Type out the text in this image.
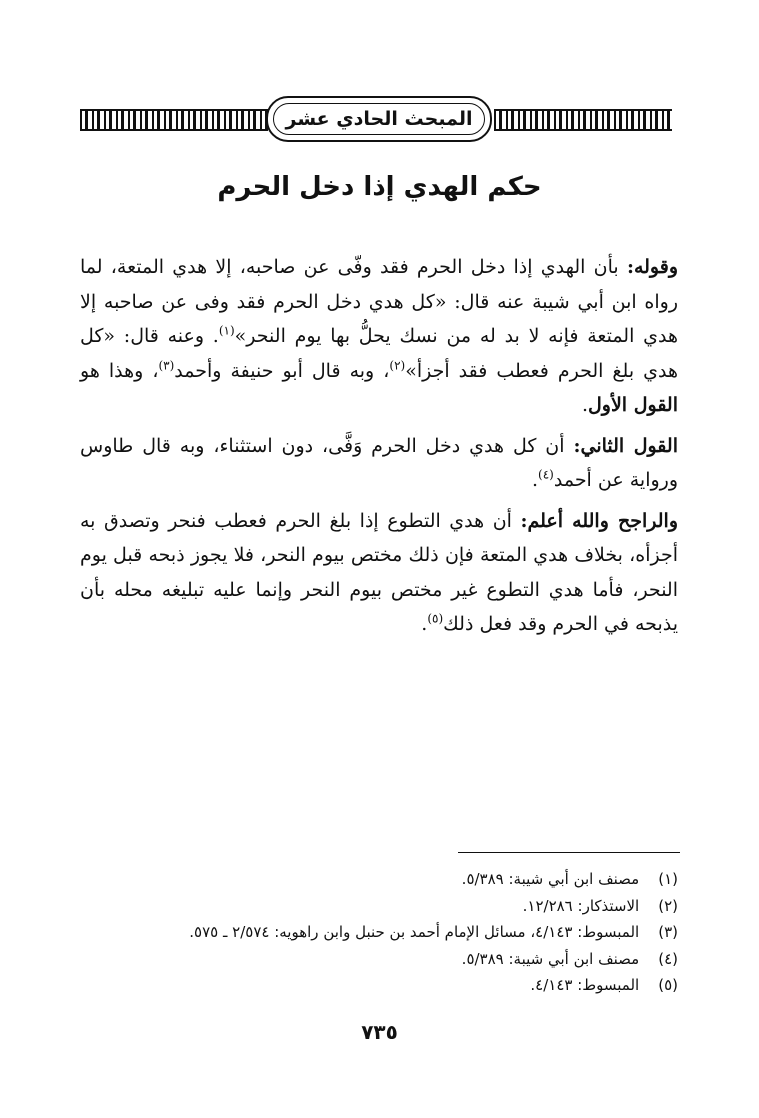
المبحث الحادي عشر
حكم الهدي إذا دخل الحرم

وقوله: بأن الهدي إذا دخل الحرم فقد وفّى عن صاحبه، إلا هدي المتعة، لما رواه ابن أبي شيبة عنه قال: «كل هدي دخل الحرم فقد وفى عن صاحبه إلا هدي المتعة فإنه لا بد له من نسك يحلُّ بها يوم النحر»$^{(١)}$. وعنه قال: «كل هدي بلغ الحرم فعطب فقد أجزأ»$^{(٢)}$، وبه قال أبو حنيفة وأحمد$^{(٣)}$، وهذا هو القول الأول.

القول الثاني: أن كل هدي دخل الحرم وَفَّى، دون استثناء، وبه قال طاوس ورواية عن أحمد$^{(٤)}$.

والراجح والله أعلم: أن هدي التطوع إذا بلغ الحرم فعطب فنحر وتصدق به أجزأه، بخلاف هدي المتعة فإن ذلك مختص بيوم النحر، فلا يجوز ذبحه قبل يوم النحر، فأما هدي التطوع غير مختص بيوم النحر وإنما عليه تبليغه محله بأن يذبحه في الحرم وقد فعل ذلك$^{(٥)}$.

(١) مصنف ابن أبي شيبة: ٥/٣٨٩.
(٢) الاستذكار: ١٢/٢٨٦.
(٣) المبسوط: ٤/١٤٣، مسائل الإمام أحمد بن حنبل وابن راهويه: ٢/٥٧٤ ـ ٥٧٥.
(٤) مصنف ابن أبي شيبة: ٥/٣٨٩.
(٥) المبسوط: ٤/١٤٣.
٧٣٥
